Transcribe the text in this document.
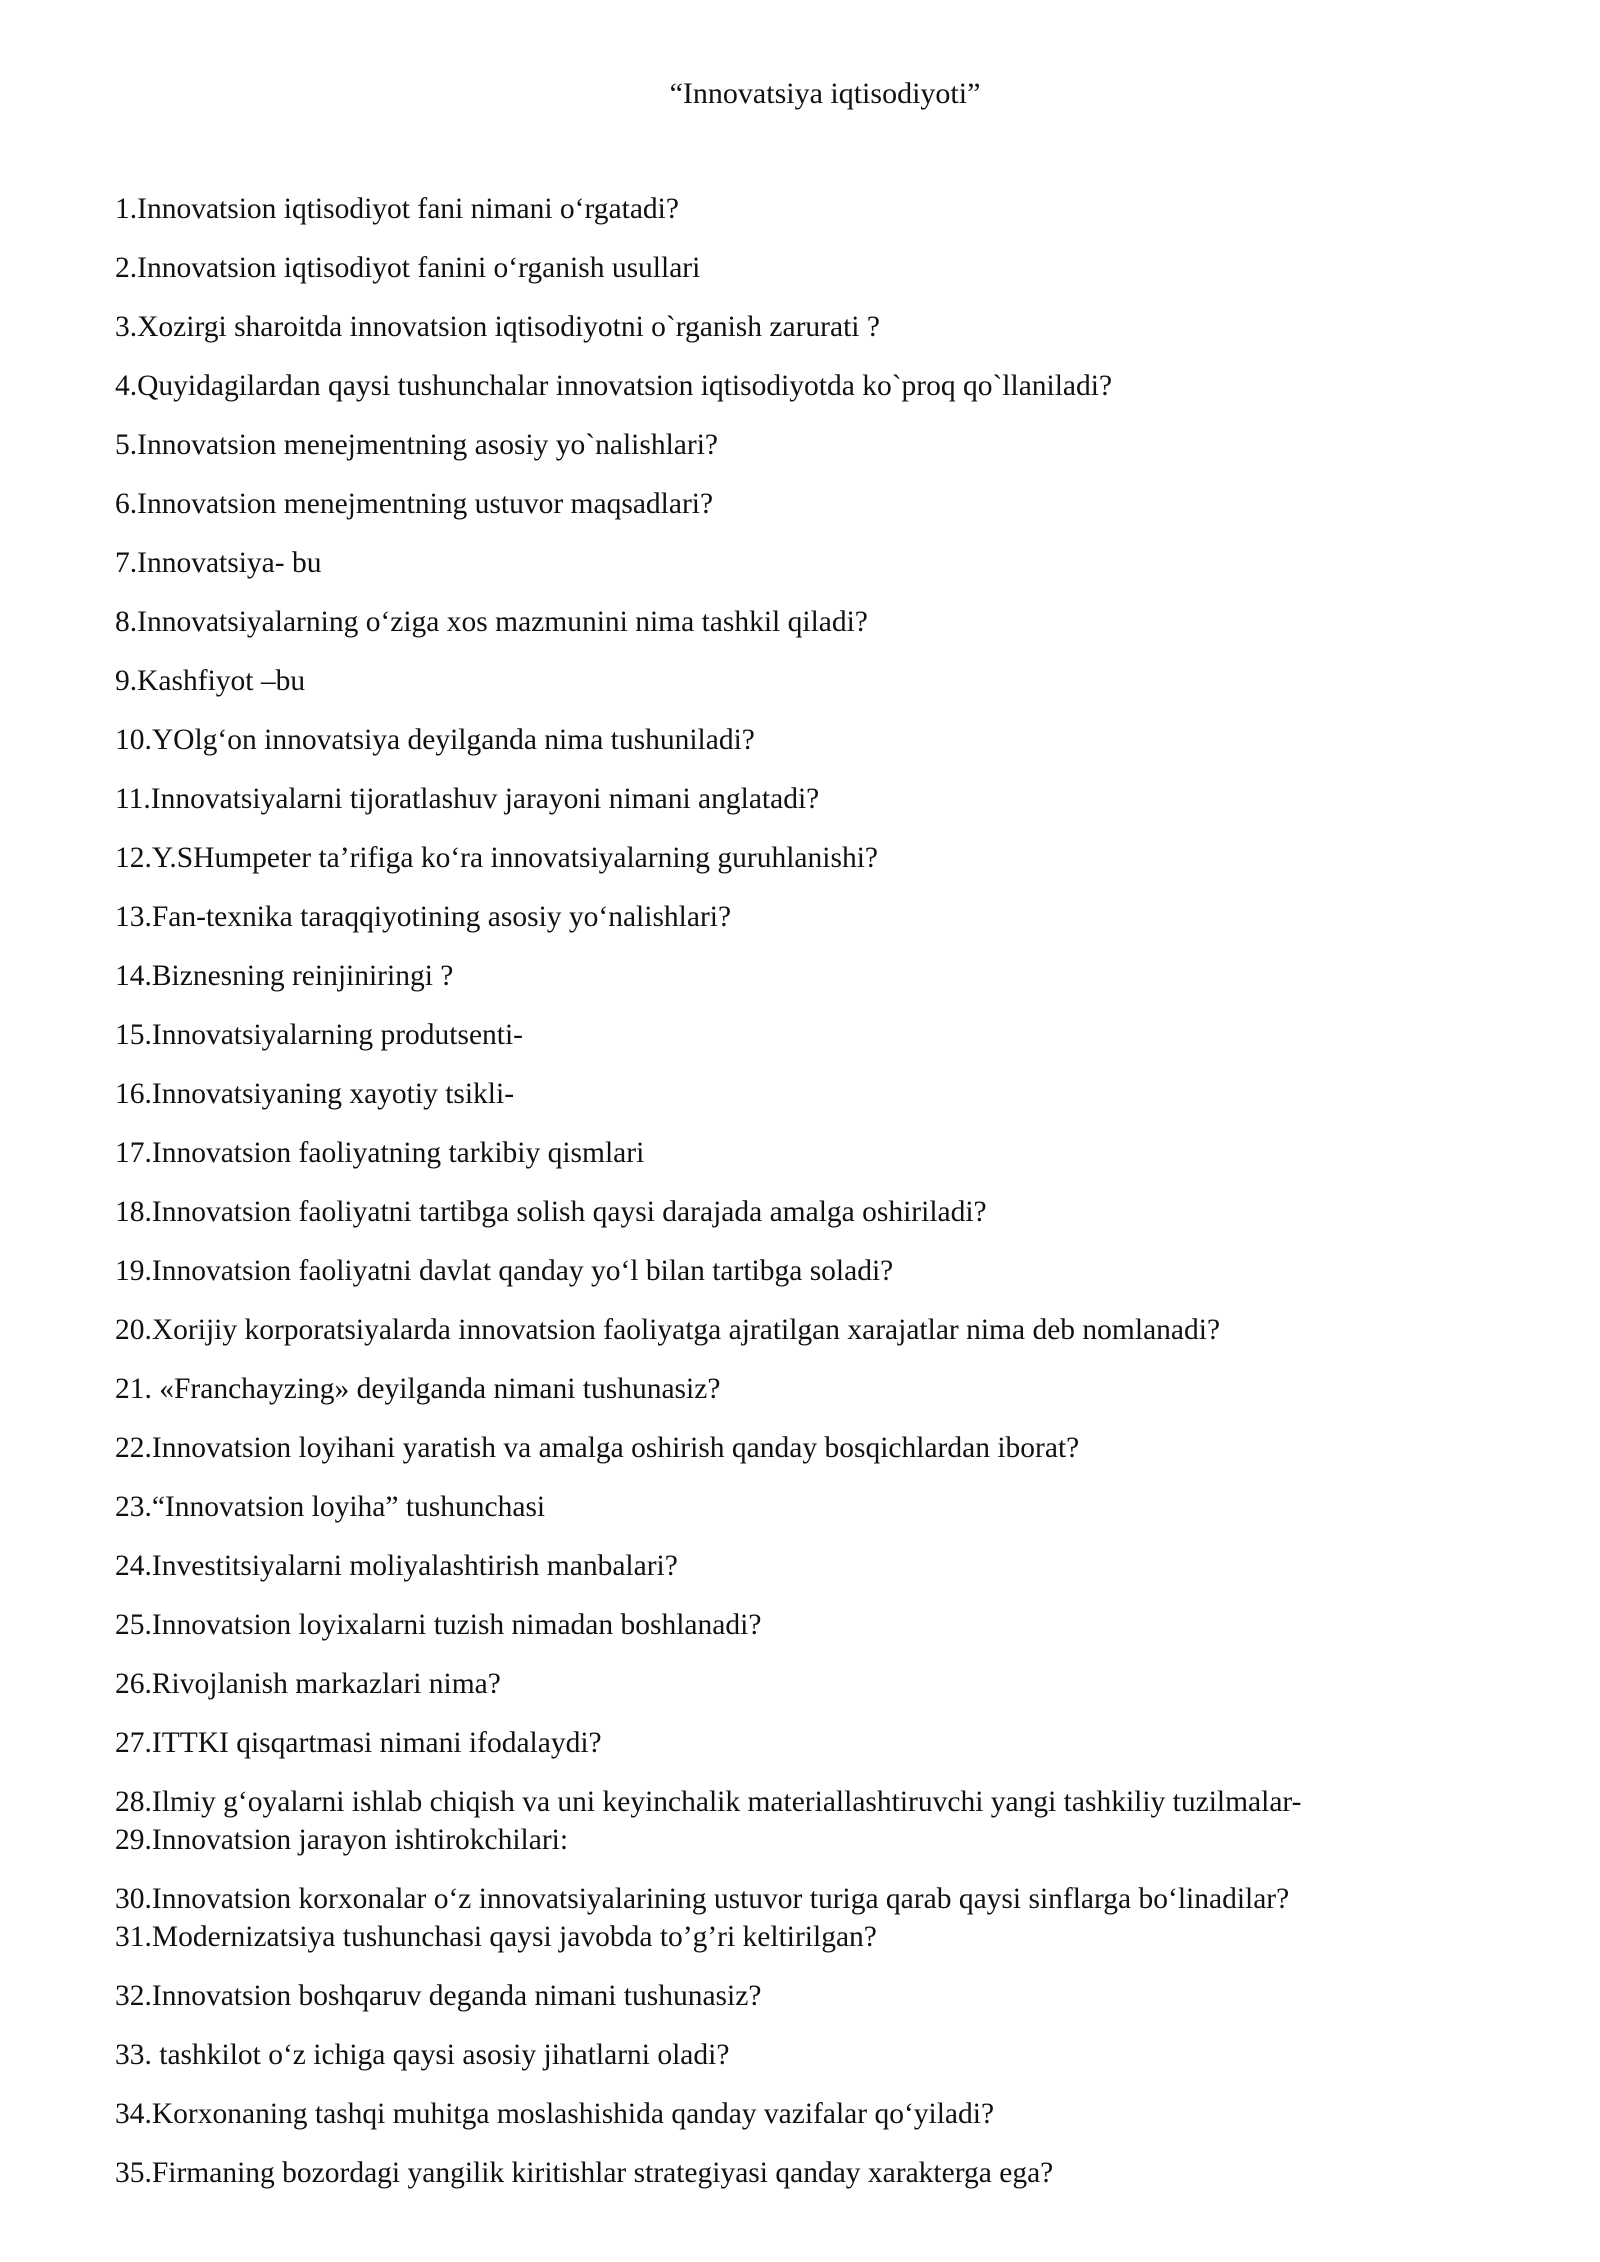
“Innovatsiya iqtisodiyoti”
1.Innovatsion iqtisodiyot fani nimani o‘rgatadi?
2.Innovatsion iqtisodiyot fanini o‘rganish usullari
3.Xozirgi sharoitda innovatsion iqtisodiyotni o`rganish zarurati ?
4.Quyidagilardan qaysi tushunchalar innovatsion iqtisodiyotda ko`proq qo`llaniladi?
5.Innovatsion menejmentning asosiy yo`nalishlari?
6.Innovatsion menejmentning ustuvor maqsadlari?
7.Innovatsiya- bu
8.Innovatsiyalarning o‘ziga xos mazmunini nima tashkil qiladi?
9.Kashfiyot –bu
10.YOlg‘on innovatsiya deyilganda nima tushuniladi?
11.Innovatsiyalarni tijoratlashuv jarayoni nimani anglatadi?
12.Y.SHumpeter ta’rifiga ko‘ra innovatsiyalarning guruhlanishi?
13.Fan-texnika taraqqiyotining asosiy yo‘nalishlari?
14.Biznesning reinjiniringi ?
15.Innovatsiyalarning produtsenti-
16.Innovatsiyaning xayotiy tsikli-
17.Innovatsion faoliyatning tarkibiy qismlari
18.Innovatsion faoliyatni tartibga solish qaysi darajada amalga oshiriladi?
19.Innovatsion faoliyatni davlat qanday yo‘l bilan tartibga soladi?
20.Xorijiy korporatsiyalarda innovatsion faoliyatga ajratilgan xarajatlar nima deb nomlanadi?
21. «Franchayzing» deyilganda nimani tushunasiz?
22.Innovatsion loyihani yaratish va amalga oshirish qanday bosqichlardan iborat?
23.“Innovatsion loyiha” tushunchasi
24.Investitsiyalarni moliyalashtirish manbalari?
25.Innovatsion loyixalarni tuzish nimadan boshlanadi?
26.Rivojlanish markazlari nima?
27.ITTKI qisqartmasi nimani ifodalaydi?
28.Ilmiy g‘oyalarni ishlab chiqish va uni keyinchalik materiallashtiruvchi yangi tashkiliy tuzilmalar-
29.Innovatsion jarayon ishtirokchilari:
30.Innovatsion korxonalar o‘z innovatsiyalarining ustuvor turiga qarab qaysi sinflarga bo‘linadilar?
31.Modernizatsiya tushunchasi qaysi javobda to’g’ri keltirilgan?
32.Innovatsion boshqaruv deganda nimani tushunasiz?
33. tashkilot o‘z ichiga qaysi asosiy jihatlarni oladi?
34.Korxonaning tashqi muhitga moslashishida qanday vazifalar qo‘yiladi?
35.Firmaning bozordagi yangilik kiritishlar strategiyasi qanday xarakterga ega?
